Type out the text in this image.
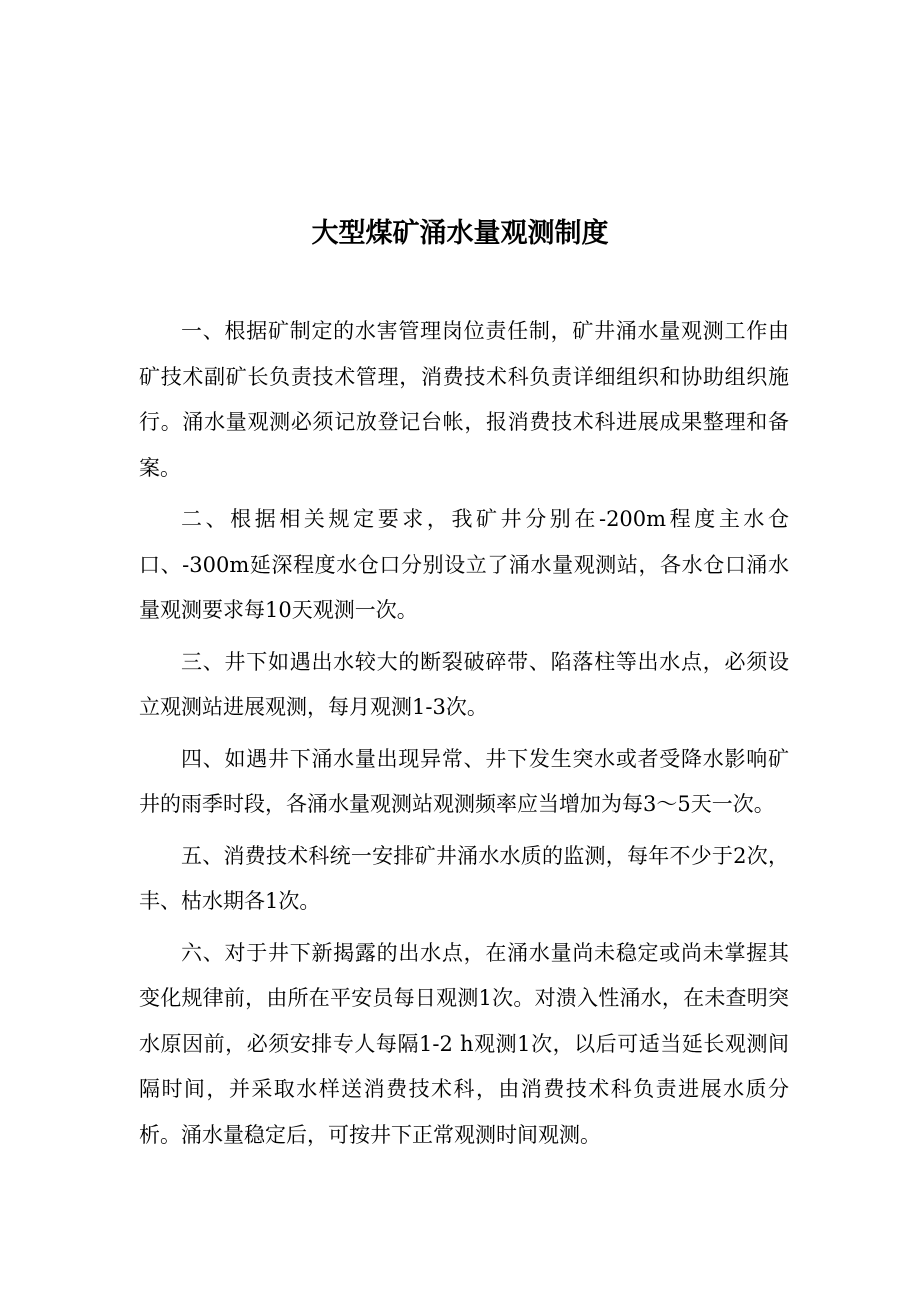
大型煤矿涌水量观测制度

一、根据矿制定的水害管理岗位责任制，矿井涌水量观测工作由矿技术副矿长负责技术管理，消费技术科负责详细组织和协助组织施行。涌水量观测必须记放登记台帐，报消费技术科进展成果整理和备案。

二、根据相关规定要求，我矿井分别在-200m程度主水仓口、-300m延深程度水仓口分别设立了涌水量观测站，各水仓口涌水量观测要求每10天观测一次。

三、井下如遇出水较大的断裂破碎带、陷落柱等出水点，必须设立观测站进展观测，每月观测1-3次。

四、如遇井下涌水量出现异常、井下发生突水或者受降水影响矿井的雨季时段，各涌水量观测站观测频率应当增加为每3～5天一次。

五、消费技术科统一安排矿井涌水水质的监测，每年不少于2次，丰、枯水期各1次。

六、对于井下新揭露的出水点，在涌水量尚未稳定或尚未掌握其变化规律前，由所在平安员每日观测1次。对溃入性涌水，在未查明突水原因前，必须安排专人每隔1-2 h观测1次，以后可适当延长观测间隔时间，并采取水样送消费技术科，由消费技术科负责进展水质分析。涌水量稳定后，可按井下正常观测时间观测。
